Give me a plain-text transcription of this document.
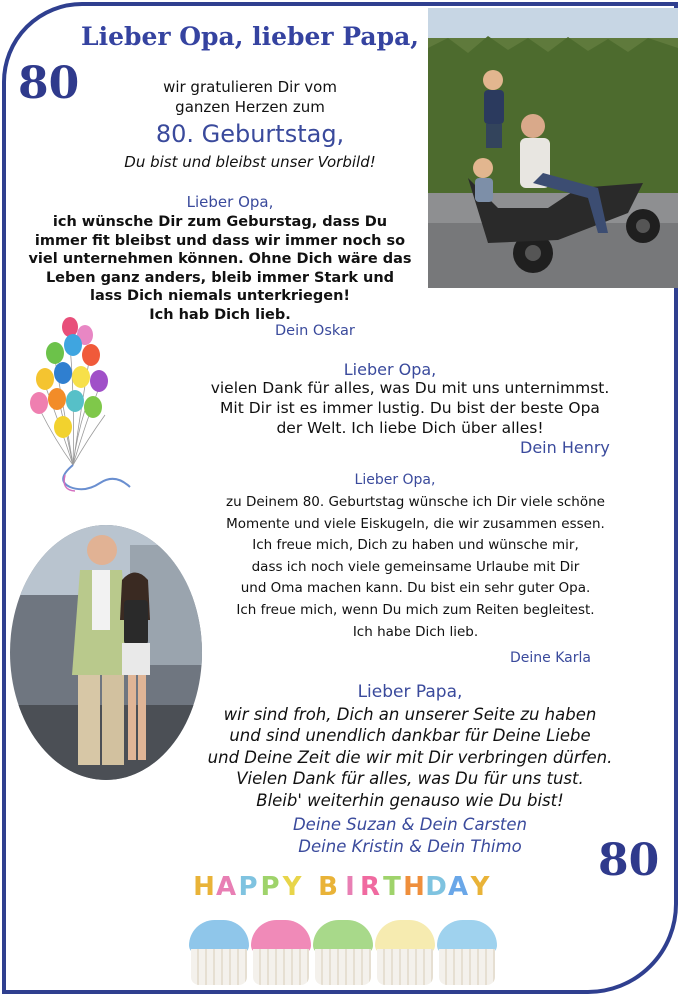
80
Lieber Opa, lieber Papa,
wir gratulieren Dir vom
ganzen Herzen zum
80. Geburtstag,
Du bist und bleibst unser Vorbild!
Lieber Opa,
ich wünsche Dir zum Geburstag, dass Du
immer fit bleibst und dass wir immer noch so
viel unternehmen können. Ohne Dich wäre das
Leben ganz anders, bleib immer Stark und
lass Dich niemals unterkriegen!
Ich hab Dich lieb.
Dein Oskar
Lieber Opa,
vielen Dank für alles, was Du mit uns unternimmst.
Mit Dir ist es immer lustig. Du bist der beste Opa
der Welt. Ich liebe Dich über alles!
Dein Henry
Lieber Opa,
zu Deinem 80. Geburtstag wünsche ich Dir viele schöne
Momente und viele Eiskugeln, die wir zusammen essen.
Ich freue mich, Dich zu haben und wünsche mir,
dass ich noch viele gemeinsame Urlaube mit Dir
und Oma machen kann. Du bist ein sehr guter Opa.
Ich freue mich, wenn Du mich zum Reiten begleitest.
Ich habe Dich lieb.
Deine Karla
Lieber Papa,
wir sind froh, Dich an unserer Seite zu haben
und sind unendlich dankbar für Deine Liebe
und Deine Zeit die wir mit Dir verbringen dürfen.
Vielen Dank für alles, was Du für uns tust.
Bleib' weiterhin genauso wie Du bist!
Deine Suzan & Dein Carsten
Deine Kristin & Dein Thimo	80
H A P P Y B I R T H D A Y
